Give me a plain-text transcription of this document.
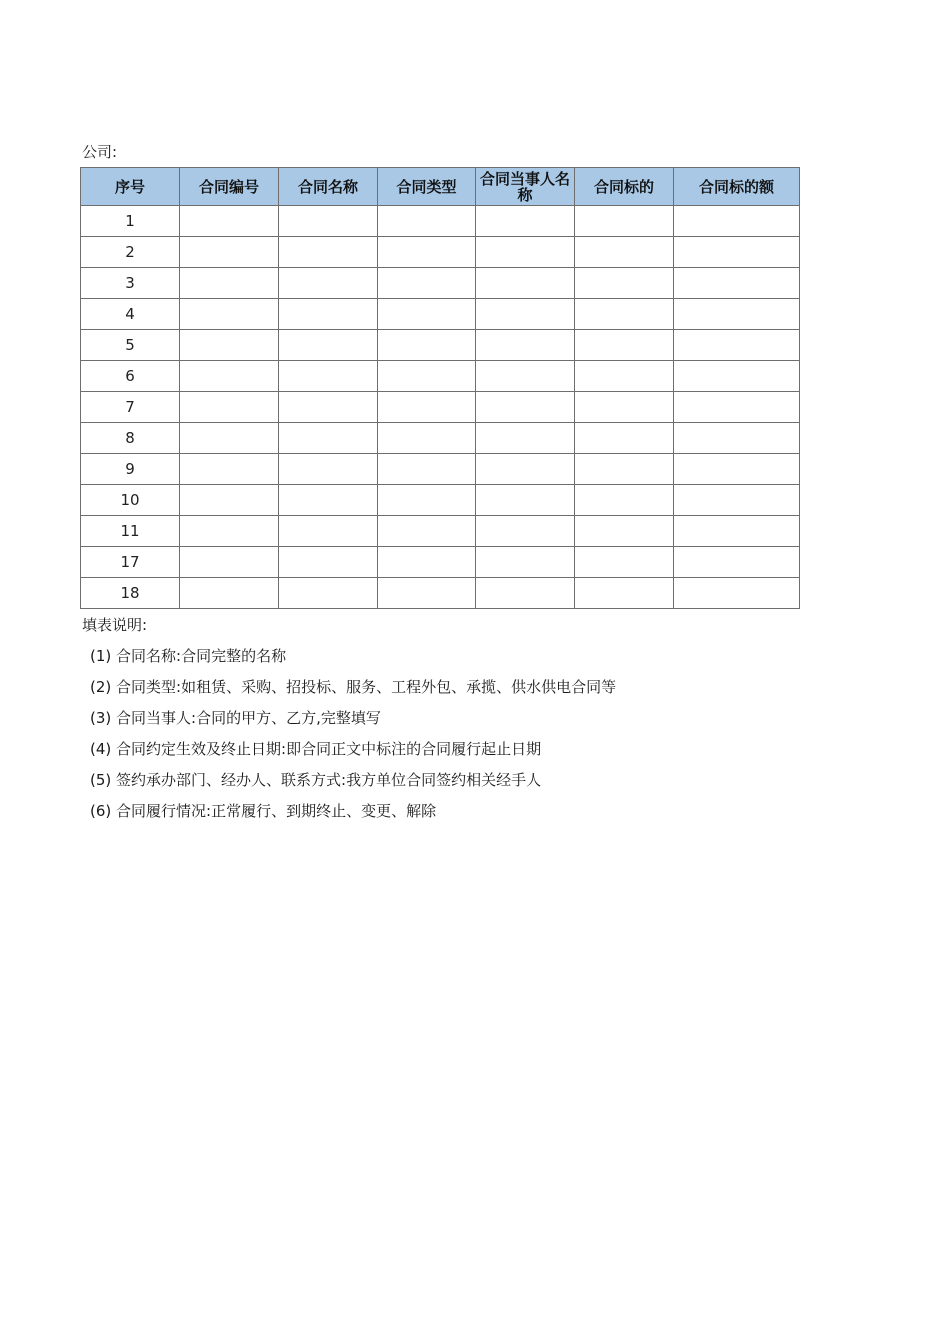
公司:
序号	合同编号	合同名称	合同类型	合同当事人名称	合同标的	合同标的额
1						
2						
3						
4						
5						
6						
7						
8						
9						
10						
11						
17						
18						
填表说明:
(1) 合同名称:合同完整的名称
(2) 合同类型:如租赁、采购、招投标、服务、工程外包、承揽、供水供电合同等
(3) 合同当事人:合同的甲方、乙方,完整填写
(4) 合同约定生效及终止日期:即合同正文中标注的合同履行起止日期
(5) 签约承办部门、经办人、联系方式:我方单位合同签约相关经手人
(6) 合同履行情况:正常履行、到期终止、变更、解除
